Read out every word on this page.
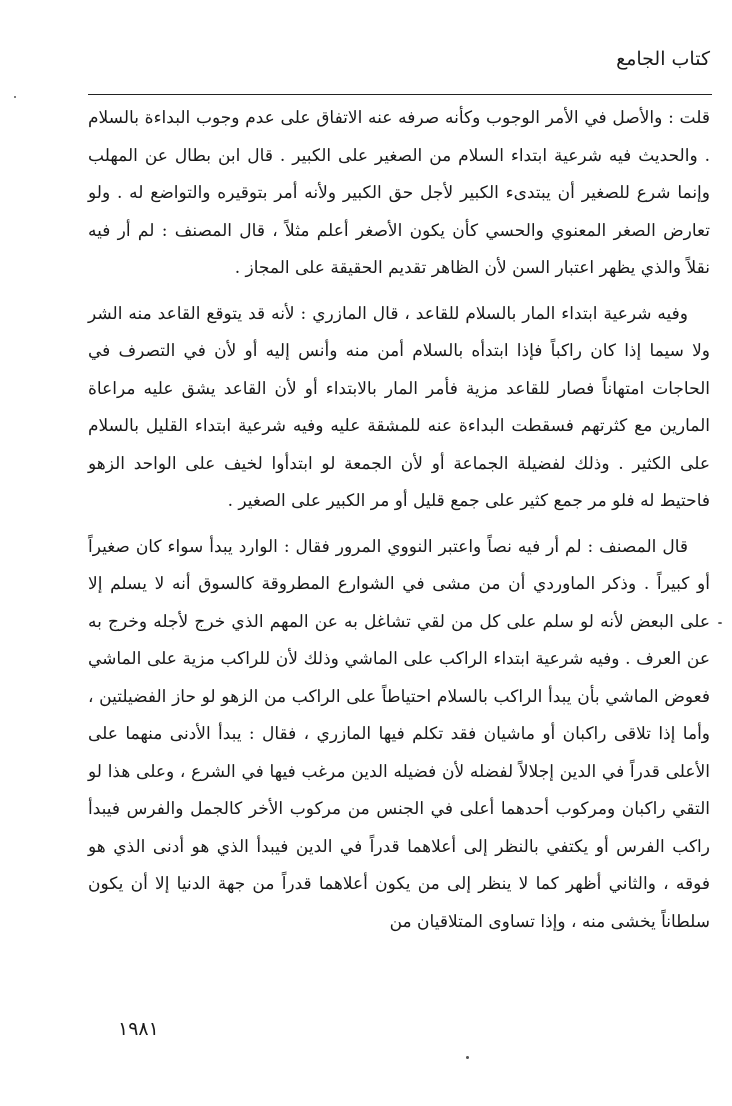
كتاب الجامع

قلت : والأصل في الأمر الوجوب وكأنه صرفه عنه الاتفاق على عدم وجوب البداءة بالسلام . والحديث فيه شرعية ابتداء السلام من الصغير على الكبير . قال ابن بطال عن المهلب وإنما شرع للصغير أن يبتدىء الكبير لأجل حق الكبير ولأنه أمر بتوقيره والتواضع له . ولو تعارض الصغر المعنوي والحسي كأن يكون الأصغر أعلم مثلاً ، قال المصنف : لم أر فيه نقلاً والذي يظهر اعتبار السن لأن الظاهر تقديم الحقيقة على المجاز .

وفيه شرعية ابتداء المار بالسلام للقاعد ، قال المازري : لأنه قد يتوقع القاعد منه الشر ولا سيما إذا كان راكباً فإذا ابتدأه بالسلام أمن منه وأنس إليه أو لأن في التصرف في الحاجات امتهاناً فصار للقاعد مزية فأمر المار بالابتداء أو لأن القاعد يشق عليه مراعاة المارين مع كثرتهم فسقطت البداءة عنه للمشقة عليه وفيه شرعية ابتداء القليل بالسلام على الكثير . وذلك لفضيلة الجماعة أو لأن الجمعة لو ابتدأوا لخيف على الواحد الزهو فاحتيط له فلو مر جمع كثير على جمع قليل أو مر الكبير على الصغير .

قال المصنف : لم أر فيه نصاً واعتبر النووي المرور فقال : الوارد يبدأ سواء كان صغيراً أو كبيراً . وذكر الماوردي أن من مشى في الشوارع المطروقة كالسوق أنه لا يسلم إلا على البعض لأنه لو سلم على كل من لقي تشاغل به عن المهم الذي خرج لأجله وخرج به عن العرف . وفيه شرعية ابتداء الراكب على الماشي وذلك لأن للراكب مزية على الماشي فعوض الماشي بأن يبدأ الراكب بالسلام احتياطاً على الراكب من الزهو لو حاز الفضيلتين ، وأما إذا تلاقى راكبان أو ماشيان فقد تكلم فيها المازري ، فقال : يبدأ الأدنى منهما على الأعلى قدراً في الدين إجلالاً لفضله لأن فضيله الدين مرغب فيها في الشرع ، وعلى هذا لو التقي راكبان ومركوب أحدهما أعلى في الجنس من مركوب الأخر كالجمل والفرس فيبدأ راكب الفرس أو يكتفي بالنظر إلى أعلاهما قدراً في الدين فيبدأ الذي هو أدنى الذي هو فوقه ، والثاني أظهر كما لا ينظر إلى من يكون أعلاهما قدراً من جهة الدنيا إلا أن يكون سلطاناً يخشى منه ، وإذا تساوى المتلاقيان من

١٩٨١
